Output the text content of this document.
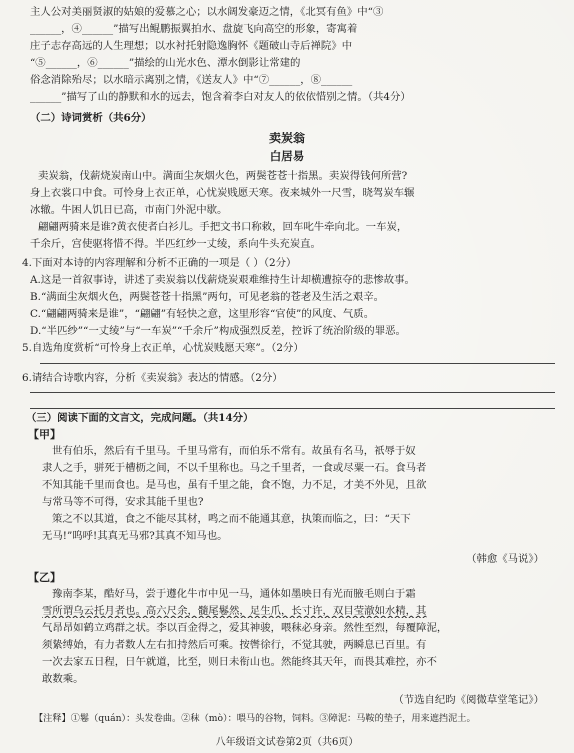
主人公对美丽贤淑的姑娘的爱慕之心；以水阔发豪迈之情，《北冥有鱼》中“③
______，④______”描写出鲲鹏振翼拍水、盘旋飞向高空的形象，寄寓着
庄子志存高远的人生理想；以水衬托射隐逸胸怀《题破山寺后禅院》中
“⑤______，⑥______”描绘的山光水色、潭水倒影让常建的
俗念消除殆尽；以水暗示离别之情，《送友人》中“⑦______，⑧______
______”描写了山的静默和水的远去，饱含着李白对友人的依依惜别之情。（共4分）
（二）诗词赏析（共6分）
卖炭翁
白居易
卖炭翁，伐薪烧炭南山中。满面尘灰烟火色，两鬓苍苍十指黑。卖炭得钱何所营?
身上衣裳口中食。可怜身上衣正单，心忧炭贱愿天寒。夜来城外一尺雪，晓驾炭车辗
冰辙。牛困人饥日已高，市南门外泥中歇。
翩翩两骑来是谁?黄衣使者白衫儿。手把文书口称敕，回车叱牛牵向北。一车炭，
千余斤，宫使驱将惜不得。半匹红纱一丈绫，系向牛头充炭直。
4.下面对本诗的内容理解和分析不正确的一项是（ ）（2分）
A.这是一首叙事诗，讲述了卖炭翁以伐薪烧炭艰难维持生计却横遭掠夺的悲惨故事。
B.“满面尘灰烟火色，两鬓苍苍十指黑”两句，可见老翁的苍老及生活之艰辛。
C.“翩翩两骑来是谁”，“翩翩”有轻快之意，这里形容“官使”的风度、气质。
D.“半匹纱”“一丈绫”与“一车炭”“千余斤”构成强烈反差，控诉了统治阶级的罪恶。
5.自选角度赏析“可怜身上衣正单，心忧炭贱愿天寒”。（2分）
6.请结合诗歌内容，分析《卖炭翁》表达的情感。（2分）
（三）阅读下面的文言文，完成问题。（共14分）
【甲】
世有伯乐，然后有千里马。千里马常有，而伯乐不常有。故虽有名马，祇辱于奴
隶人之手，骈死于槽枥之间，不以千里称也。马之千里者，一食或尽粟一石。食马者
不知其能千里而食也。是马也，虽有千里之能，食不饱，力不足，才美不外见，且欲
与常马等不可得，安求其能千里也?
策之不以其道，食之不能尽其材，鸣之而不能通其意，执策而临之，曰：“天下
无马!”呜呼!其真无马邪?其真不知马也。
（韩愈《马说》）
【乙】
豫南李某，酷好马，尝于遵化牛市中见一马，通体如墨映日有光而腋毛则白于霜
雪所谓乌云托月者也。高六尺余，髓尾鬈然，足生爪，长寸许，双目莹澈如水精，其
气昂昂如鹤立鸡群之状。李以百金得之，爱其神骏，喂秣必身亲。然性至烈，每覆障泥，
须絷缚始，有力者数人左右扣持然后可乘。按辔徐行，不觉其驶，两瞬息已百里。有
一次去家五日程，日午就道，比至，则日未衔山也。然能终其天年，而畏其难控，亦不
敢数乘。
（节选自纪昀《阅微草堂笔记》）
【注释】①鬈（quán）：头发卷曲。②秣（mò）：喂马的谷物，饲料。③障泥：马鞍的垫子，用来遮挡泥土。
八年级语文试卷第2页（共6页）
